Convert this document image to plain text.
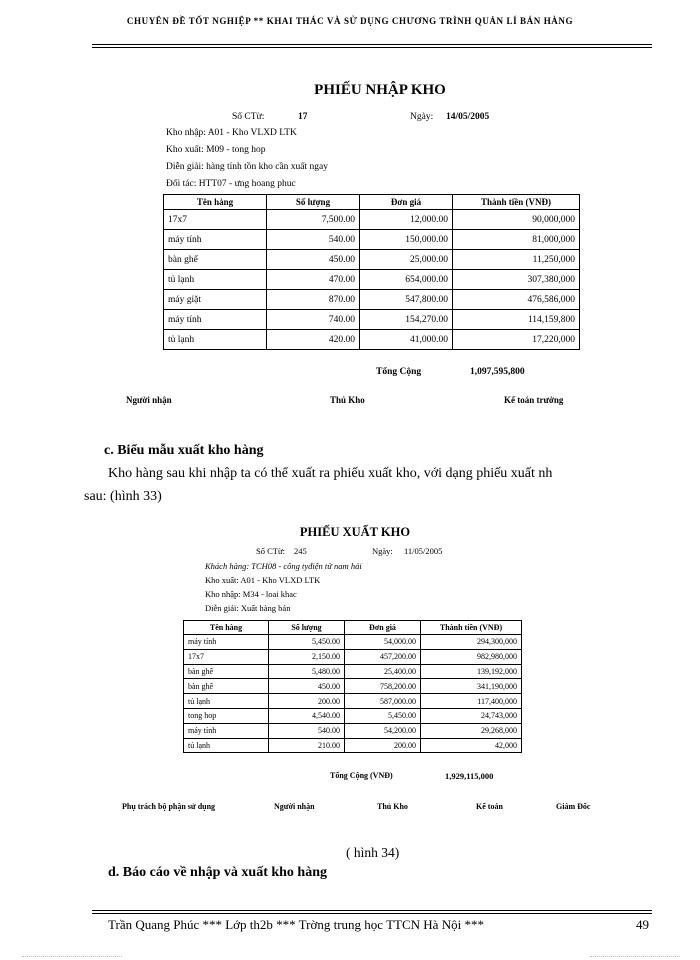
CHUYÊN ĐỀ TỐT NGHIỆP ** KHAI THÁC VÀ SỬ DỤNG CHƯƠNG TRÌNH QUẢN LÍ BÁN HÀNG
PHIẾU NHẬP KHO
Số CTừ:	17	Ngày: 14/05/2005
Kho nhập: A01 - Kho VLXD LTK
Kho xuất: M09 - tong hop
Diễn giải: hàng tính tồn kho cần xuất ngay
Đối tác: HTT07 - ưng hoang phuc
Tên hàng	Số lượng	Đơn giá	Thành tiền (VNĐ)
17x7	7,500.00	12,000.00	90,000,000
máy tính	540.00	150,000.00	81,000,000
bàn ghế	450.00	25,000.00	11,250,000
tủ lạnh	470.00	654,000.00	307,380,000
máy giặt	870.00	547,800.00	476,586,000
máy tính	740.00	154,270.00	114,159,800
tủ lạnh	420.00	41,000.00	17,220,000
Tổng Cộng	1,097,595,800
Người nhận	Thủ Kho	Kế toán trưởng
c. Biểu mẫu xuất kho hàng
Kho hàng sau khi nhập ta có thể xuất ra phiếu xuất kho, với dạng phiếu xuất nh
sau: (hình 33)
PHIẾU XUẤT KHO
Số CTừ: 245	Ngày: 11/05/2005
Khách hàng: TCH08 - công tyđiện tử nam hải
Kho xuất: A01 - Kho VLXD LTK
Kho nhập: M34 - loai khac
Diễn giải: Xuất hàng bán
Tên hàng	Số lượng	Đơn giá	Thành tiền (VNĐ)
máy tính	5,450.00	54,000.00	294,300,000
17x7	2,150.00	457,200.00	982,980,000
bàn ghế	5,480.00	25,400.00	139,192,000
bàn ghế	450.00	758,200.00	341,190,000
tủ lạnh	200.00	587,000.00	117,400,000
tong hop	4,540.00	5,450.00	24,743,000
máy tính	540.00	54,200.00	29,268,000
tủ lạnh	210.00	200.00	42,000
Tổng Cộng (VNĐ)	1,929,115,000
Phụ trách bộ phận sử dụng	Người nhận	Thủ Kho	Kế toán	Giám Đốc
( hình 34)
d. Báo cáo về nhập và xuất kho hàng
Trần Quang Phúc *** Lớp th2b *** Trờng trung học TTCN Hà Nội ***	49
